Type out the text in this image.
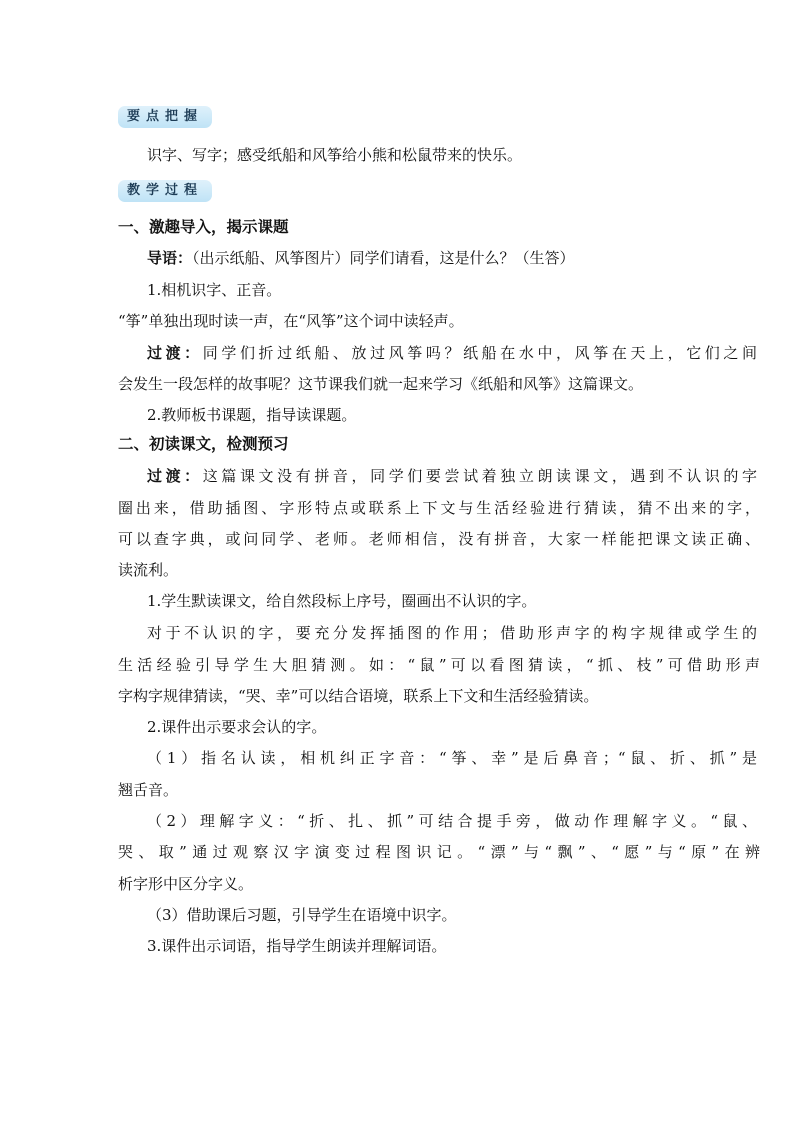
要点把握
识字、写字；感受纸船和风筝给小熊和松鼠带来的快乐。
教学过程
一、激趣导入，揭示课题
导语：（出示纸船、风筝图片）同学们请看，这是什么？（生答）
1.相机识字、正音。
“筝”单独出现时读一声，在“风筝”这个词中读轻声。
过渡：同学们折过纸船、放过风筝吗？纸船在水中，风筝在天上，它们之间
会发生一段怎样的故事呢？这节课我们就一起来学习《纸船和风筝》这篇课文。
2.教师板书课题，指导读课题。
二、初读课文，检测预习
过渡：这篇课文没有拼音，同学们要尝试着独立朗读课文，遇到不认识的字
圈出来，借助插图、字形特点或联系上下文与生活经验进行猜读，猜不出来的字，
可以查字典，或问同学、老师。老师相信，没有拼音，大家一样能把课文读正确、
读流利。
1.学生默读课文，给自然段标上序号，圈画出不认识的字。
对于不认识的字，要充分发挥插图的作用；借助形声字的构字规律或学生的
生活经验引导学生大胆猜测。如：“鼠”可以看图猜读，“抓、枝”可借助形声
字构字规律猜读，“哭、幸”可以结合语境，联系上下文和生活经验猜读。
2.课件出示要求会认的字。
（1）指名认读，相机纠正字音：“筝、幸”是后鼻音；“鼠、折、抓”是
翘舌音。
（2）理解字义：“折、扎、抓”可结合提手旁，做动作理解字义。“鼠、
哭、取”通过观察汉字演变过程图识记。“漂”与“飘”、“愿”与“原”在辨
析字形中区分字义。
（3）借助课后习题，引导学生在语境中识字。
3.课件出示词语，指导学生朗读并理解词语。
